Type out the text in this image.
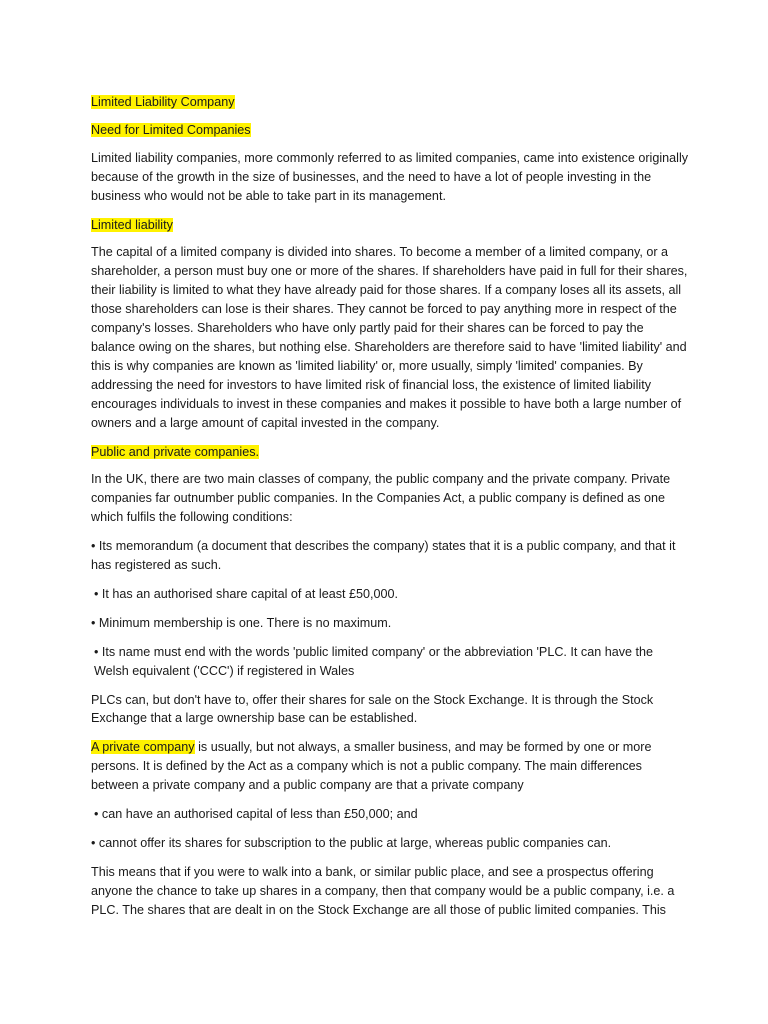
Limited Liability Company

Need for Limited Companies

Limited liability companies, more commonly referred to as limited companies, came into existence originally because of the growth in the size of businesses, and the need to have a lot of people investing in the business who would not be able to take part in its management.

Limited liability

The capital of a limited company is divided into shares. To become a member of a limited company, or a shareholder, a person must buy one or more of the shares. If shareholders have paid in full for their shares, their liability is limited to what they have already paid for those shares. If a company loses all its assets, all those shareholders can lose is their shares. They cannot be forced to pay anything more in respect of the company's losses. Shareholders who have only partly paid for their shares can be forced to pay the balance owing on the shares, but nothing else. Shareholders are therefore said to have 'limited liability' and this is why companies are known as 'limited liability' or, more usually, simply 'limited' companies. By addressing the need for investors to have limited risk of financial loss, the existence of limited liability encourages individuals to invest in these companies and makes it possible to have both a large number of owners and a large amount of capital invested in the company.

Public and private companies.

In the UK, there are two main classes of company, the public company and the private company. Private companies far outnumber public companies. In the Companies Act, a public company is defined as one which fulfils the following conditions:

• Its memorandum (a document that describes the company) states that it is a public company, and that it has registered as such.

• It has an authorised share capital of at least £50,000.

• Minimum membership is one. There is no maximum.

• Its name must end with the words 'public limited company' or the abbreviation 'PLC. It can have the Welsh equivalent ('CCC') if registered in Wales

PLCs can, but don't have to, offer their shares for sale on the Stock Exchange. It is through the Stock Exchange that a large ownership base can be established.

A private company is usually, but not always, a smaller business, and may be formed by one or more persons. It is defined by the Act as a company which is not a public company. The main differences between a private company and a public company are that a private company

• can have an authorised capital of less than £50,000; and

• cannot offer its shares for subscription to the public at large, whereas public companies can.

This means that if you were to walk into a bank, or similar public place, and see a prospectus offering anyone the chance to take up shares in a company, then that company would be a public company, i.e. a PLC. The shares that are dealt in on the Stock Exchange are all those of public limited companies. This
